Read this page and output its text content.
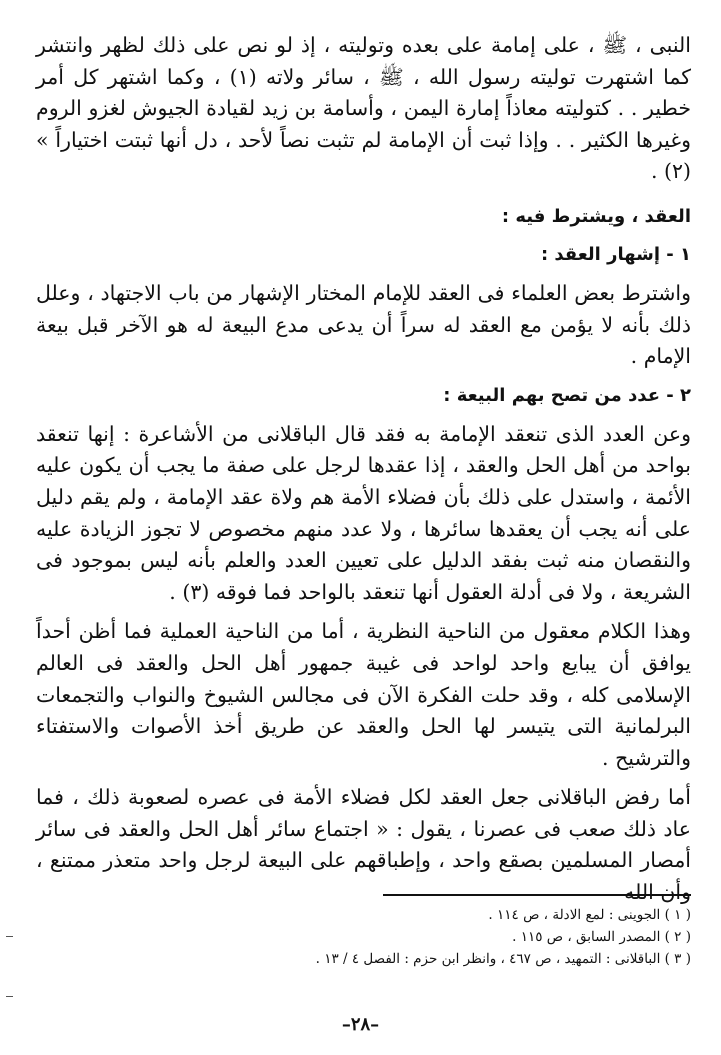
النبى ، ﷺ ، على إمامة على بعده وتوليته ، إذ لو نص على ذلك لظهر وانتشر كما اشتهرت توليته رسول الله ، ﷺ ، سائر ولاته (١) ، وكما اشتهر كل أمر خطير . . كتوليته معاذاً إمارة اليمن ، وأسامة بن زيد لقيادة الجيوش لغزو الروم وغيرها الكثير . . وإذا ثبت أن الإمامة لم تثبت نصاً لأحد ، دل أنها ثبتت اختياراً » (٢) .

العقد ، ويشترط فيه :
١ - إشهار العقد :

واشترط بعض العلماء فى العقد للإمام المختار الإشهار من باب الاجتهاد ، وعلل ذلك بأنه لا يؤمن مع العقد له سراً أن يدعى مدع البيعة له هو الآخر قبل بيعة الإمام .

٢ - عدد من تصح بهم البيعة :

وعن العدد الذى تنعقد الإمامة به فقد قال الباقلانى من الأشاعرة : إنها تنعقد بواحد من أهل الحل والعقد ، إذا عقدها لرجل على صفة ما يجب أن يكون عليه الأئمة ، واستدل على ذلك بأن فضلاء الأمة هم ولاة عقد الإمامة ، ولم يقم دليل على أنه يجب أن يعقدها سائرها ، ولا عدد منهم مخصوص لا تجوز الزيادة عليه والنقصان منه ثبت بفقد الدليل على تعيين العدد والعلم بأنه ليس بموجود فى الشريعة ، ولا فى أدلة العقول أنها تنعقد بالواحد فما فوقه (٣) .

وهذا الكلام معقول من الناحية النظرية ، أما من الناحية العملية فما أظن أحداً يوافق أن يبايع واحد لواحد فى غيبة جمهور أهل الحل والعقد فى العالم الإسلامى كله ، وقد حلت الفكرة الآن فى مجالس الشيوخ والنواب والتجمعات البرلمانية التى يتيسر لها الحل والعقد عن طريق أخذ الأصوات والاستفتاء والترشيح .

أما رفض الباقلانى جعل العقد لكل فضلاء الأمة فى عصره لصعوبة ذلك ، فما عاد ذلك صعب فى عصرنا ، يقول : « اجتماع سائر أهل الحل والعقد فى سائر أمصار المسلمين بصقع واحد ، وإطباقهم على البيعة لرجل واحد متعذر ممتنع ، وأن الله

( ١ ) الجوينى : لمع الادلة ، ص ١١٤ .

( ٢ ) المصدر السابق ، ص ١١٥ .

( ٣ ) الباقلانى : التمهيد ، ص ٤٦٧ ، وانظر ابن حزم : الفصل ٤ / ١٣ .

–٢٨–
